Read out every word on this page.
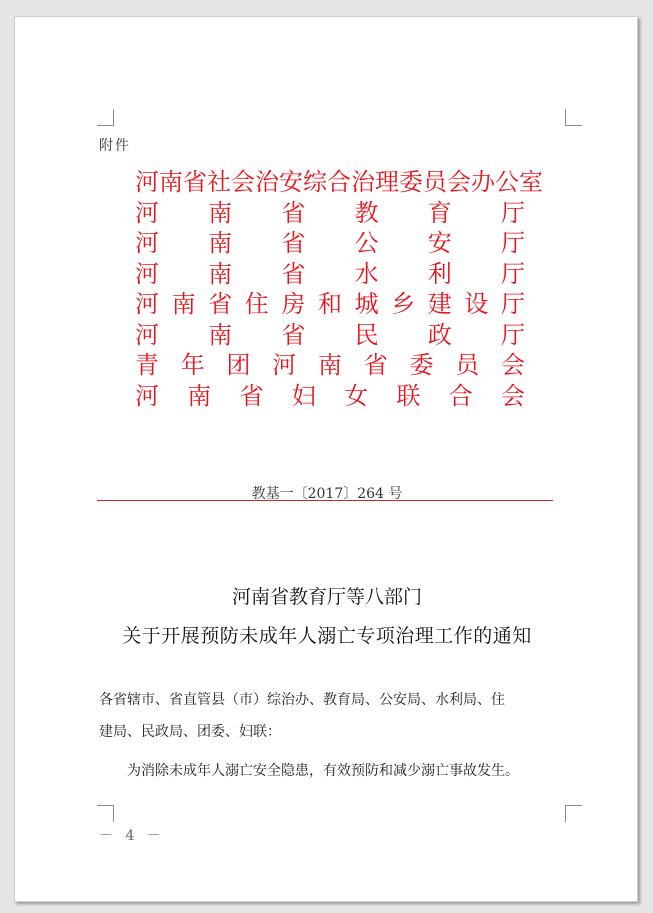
附件
河 南 省 社 会 治 安 综 合 治 理 委 员 会 办 公 室
河 南 省 教 育 厅
河 南 省 公 安 厅
河 南 省 水 利 厅
河 南 省 住 房 和 城 乡 建 设 厅
河 南 省 民 政 厅
青 年 团 河 南 省 委 员 会
河 南 省 妇 女 联 合 会
教基一〔2017〕264 号
河南省教育厅等八部门
关于开展预防未成年人溺亡专项治理工作的通知
各省辖市、省直管县（市）综治办、教育局、公安局、水利局、住
建局、民政局、团委、妇联：
为消除未成年人溺亡安全隐患，有效预防和减少溺亡事故发生。
－ 4 －
